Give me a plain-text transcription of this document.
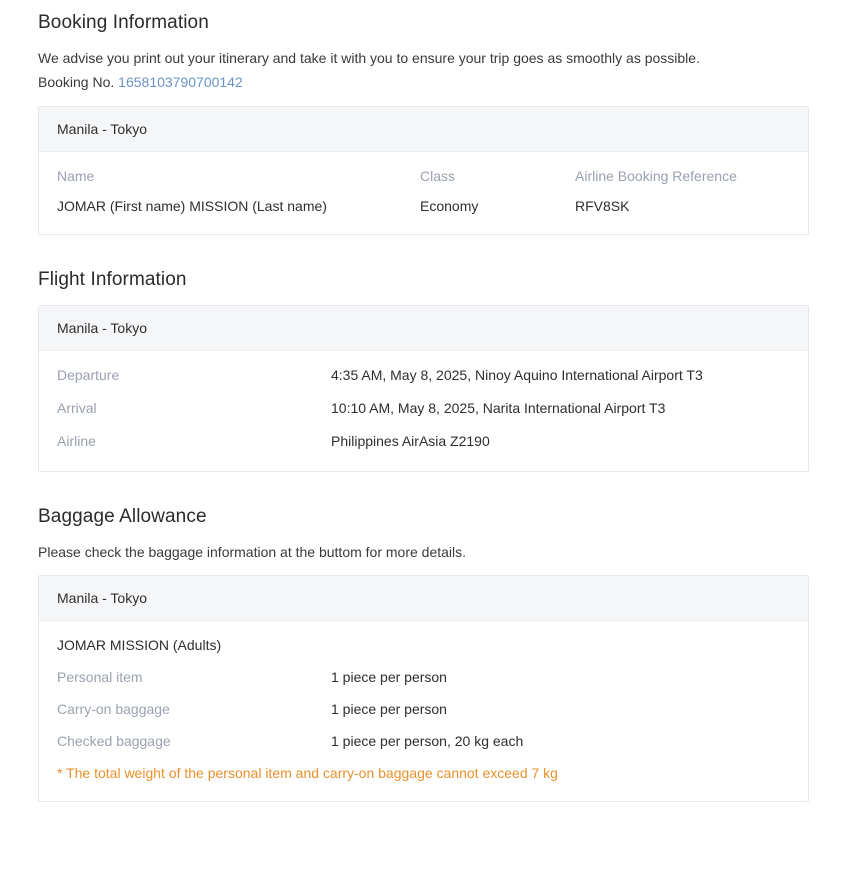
Booking Information

We advise you print out your itinerary and take it with you to ensure your trip goes as smoothly as possible.

Booking No. 1658103790700142

Manila - Tokyo
Name	Class	Airline Booking Reference
JOMAR (First name) MISSION (Last name)	Economy	RFV8SK
Flight Information
Manila - Tokyo
Departure	4:35 AM, May 8, 2025, Ninoy Aquino International Airport T3
Arrival	10:10 AM, May 8, 2025, Narita International Airport T3
Airline	Philippines AirAsia Z2190
Baggage Allowance

Please check the baggage information at the buttom for more details.

Manila - Tokyo
JOMAR MISSION (Adults)
Personal item	1 piece per person
Carry-on baggage	1 piece per person
Checked baggage	1 piece per person, 20 kg each
* The total weight of the personal item and carry-on baggage cannot exceed 7 kg
